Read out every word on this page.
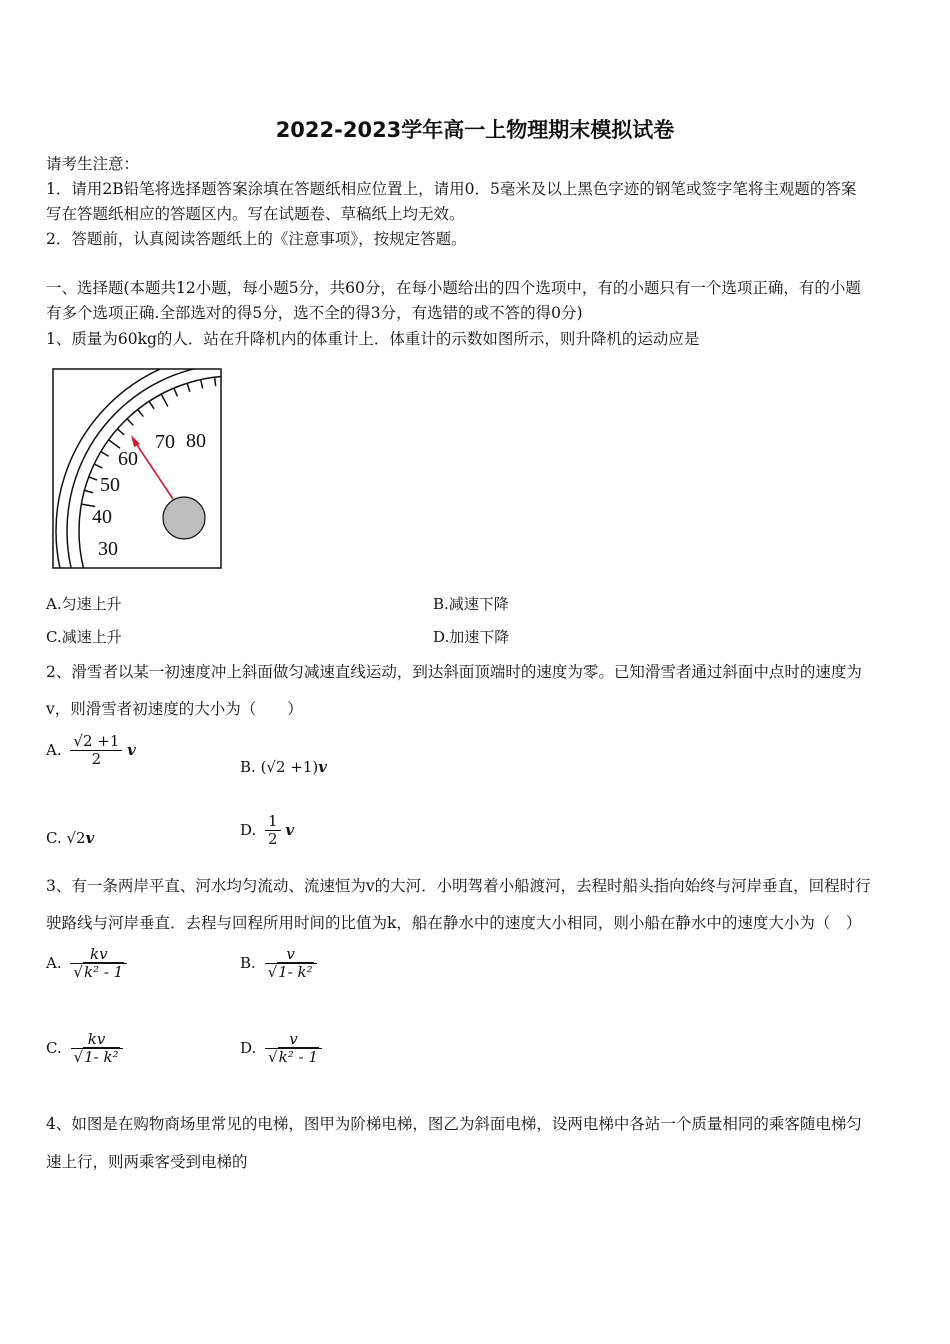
2022-2023学年高一上物理期末模拟试卷
请考生注意：
1．请用2B铅笔将选择题答案涂填在答题纸相应位置上，请用0．5毫米及以上黑色字迹的钢笔或签字笔将主观题的答案
写在答题纸相应的答题区内。写在试题卷、草稿纸上均无效。
2．答题前，认真阅读答题纸上的《注意事项》，按规定答题。
一、选择题(本题共12小题，每小题5分，共60分，在每小题给出的四个选项中，有的小题只有一个选项正确，有的小题
有多个选项正确.全部选对的得5分，选不全的得3分，有选错的或不答的得0分)
1、质量为60kg的人．站在升降机内的体重计上．体重计的示数如图所示，则升降机的运动应是
30
40
50
60
70 80
A.匀速上升	B.减速下降
C.减速上升	D.加速下降
2、滑雪者以某一初速度冲上斜面做匀减速直线运动，到达斜面顶端时的速度为零。已知滑雪者通过斜面中点时的速度为
v，则滑雪者初速度的大小为（　　）
A. $\frac{√2 +1}{2}$ v
B. (√2 +1)v
C. √2v	D. $\frac{1}{2}$ v
3、有一条两岸平直、河水均匀流动、流速恒为v的大河．小明驾着小船渡河，去程时船头指向始终与河岸垂直，回程时行
驶路线与河岸垂直．去程与回程所用时间的比值为k，船在静水中的速度大小相同，则小船在静水中的速度大小为（　）
A. $\frac{kv}{\text{√k² - 1}}$	B. $\frac{v}{\text{√1- k²}}$
C. $\frac{kv}{\text{√1- k²}}$	D. $\frac{v}{\text{√k² - 1}}$
4、如图是在购物商场里常见的电梯，图甲为阶梯电梯，图乙为斜面电梯，设两电梯中各站一个质量相同的乘客随电梯匀
速上行，则两乘客受到电梯的
